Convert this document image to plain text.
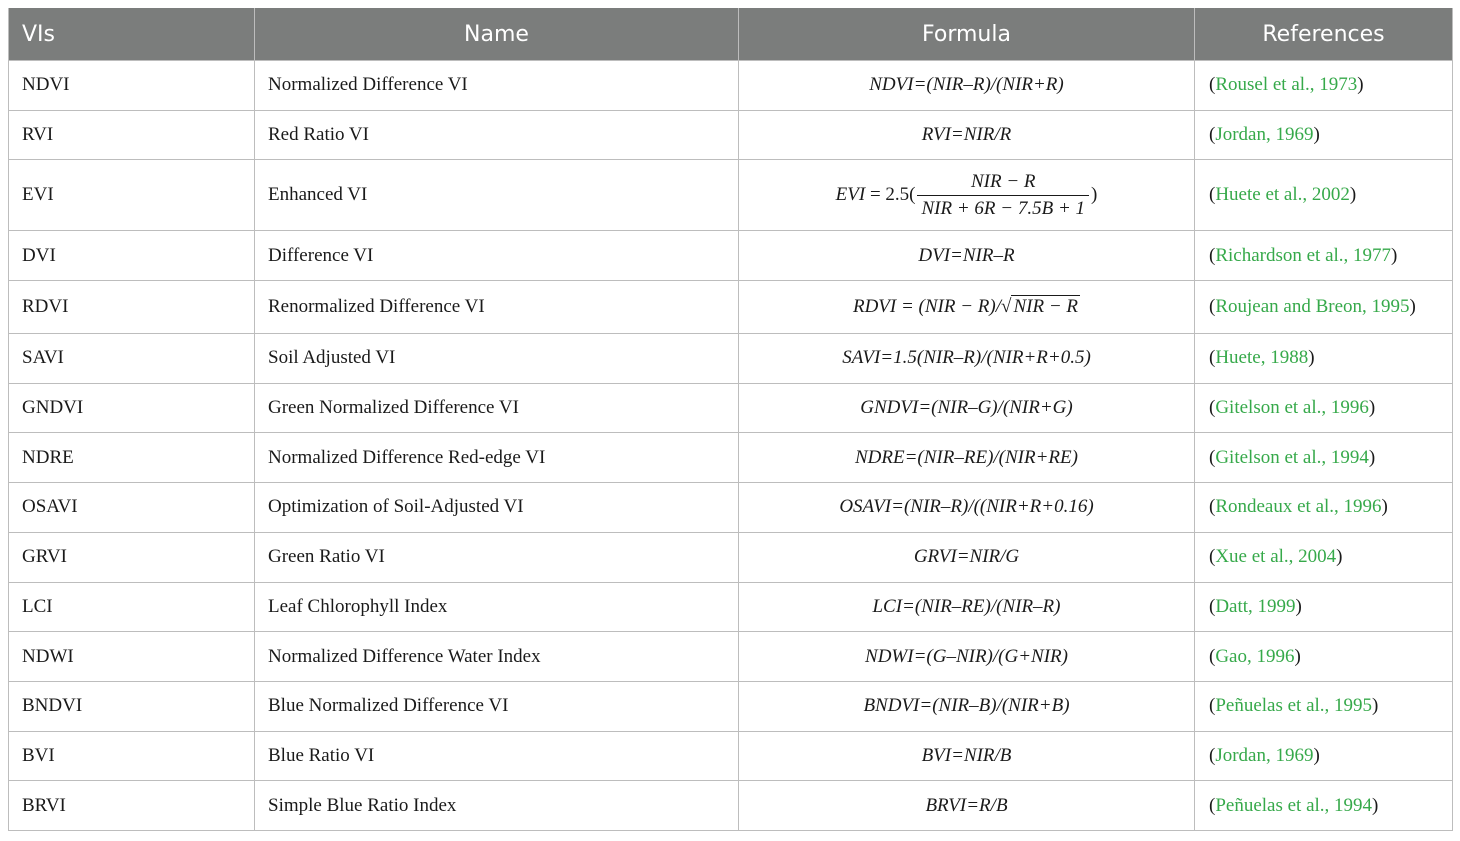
VIs	Name	Formula	References
NDVI	Normalized Difference VI	NDVI=(NIR–R)/(NIR+R)	(Rousel et al., 1973)
RVI	Red Ratio VI	RVI=NIR/R	(Jordan, 1969)
EVI	Enhanced VI	EVI = $2.5( \frac{\text{NIR − R}}{\text{NIR + 6R − 7.5B + 1}}$ )	(Huete et al., 2002)
DVI	Difference VI	DVI=NIR–R	(Richardson et al., 1977)
RDVI	Renormalized Difference VI	RDVI = (NIR − R)/√ NIR − R	(Roujean and Breon, 1995)
SAVI	Soil Adjusted VI	SAVI=1.5(NIR–R)/(NIR+R+0.5)	(Huete, 1988)
GNDVI	Green Normalized Difference VI	GNDVI=(NIR–G)/(NIR+G)	(Gitelson et al., 1996)
NDRE	Normalized Difference Red-edge VI	NDRE=(NIR–RE)/(NIR+RE)	(Gitelson et al., 1994)
OSAVI	Optimization of Soil-Adjusted VI	OSAVI=(NIR–R)/((NIR+R+0.16)	(Rondeaux et al., 1996)
GRVI	Green Ratio VI	GRVI=NIR/G	(Xue et al., 2004)
LCI	Leaf Chlorophyll Index	LCI=(NIR–RE)/(NIR–R)	(Datt, 1999)
NDWI	Normalized Difference Water Index	NDWI=(G–NIR)/(G+NIR)	(Gao, 1996)
BNDVI	Blue Normalized Difference VI	BNDVI=(NIR–B)/(NIR+B)	(Peñuelas et al., 1995)
BVI	Blue Ratio VI	BVI=NIR/B	(Jordan, 1969)
BRVI	Simple Blue Ratio Index	BRVI=R/B	(Peñuelas et al., 1994)
